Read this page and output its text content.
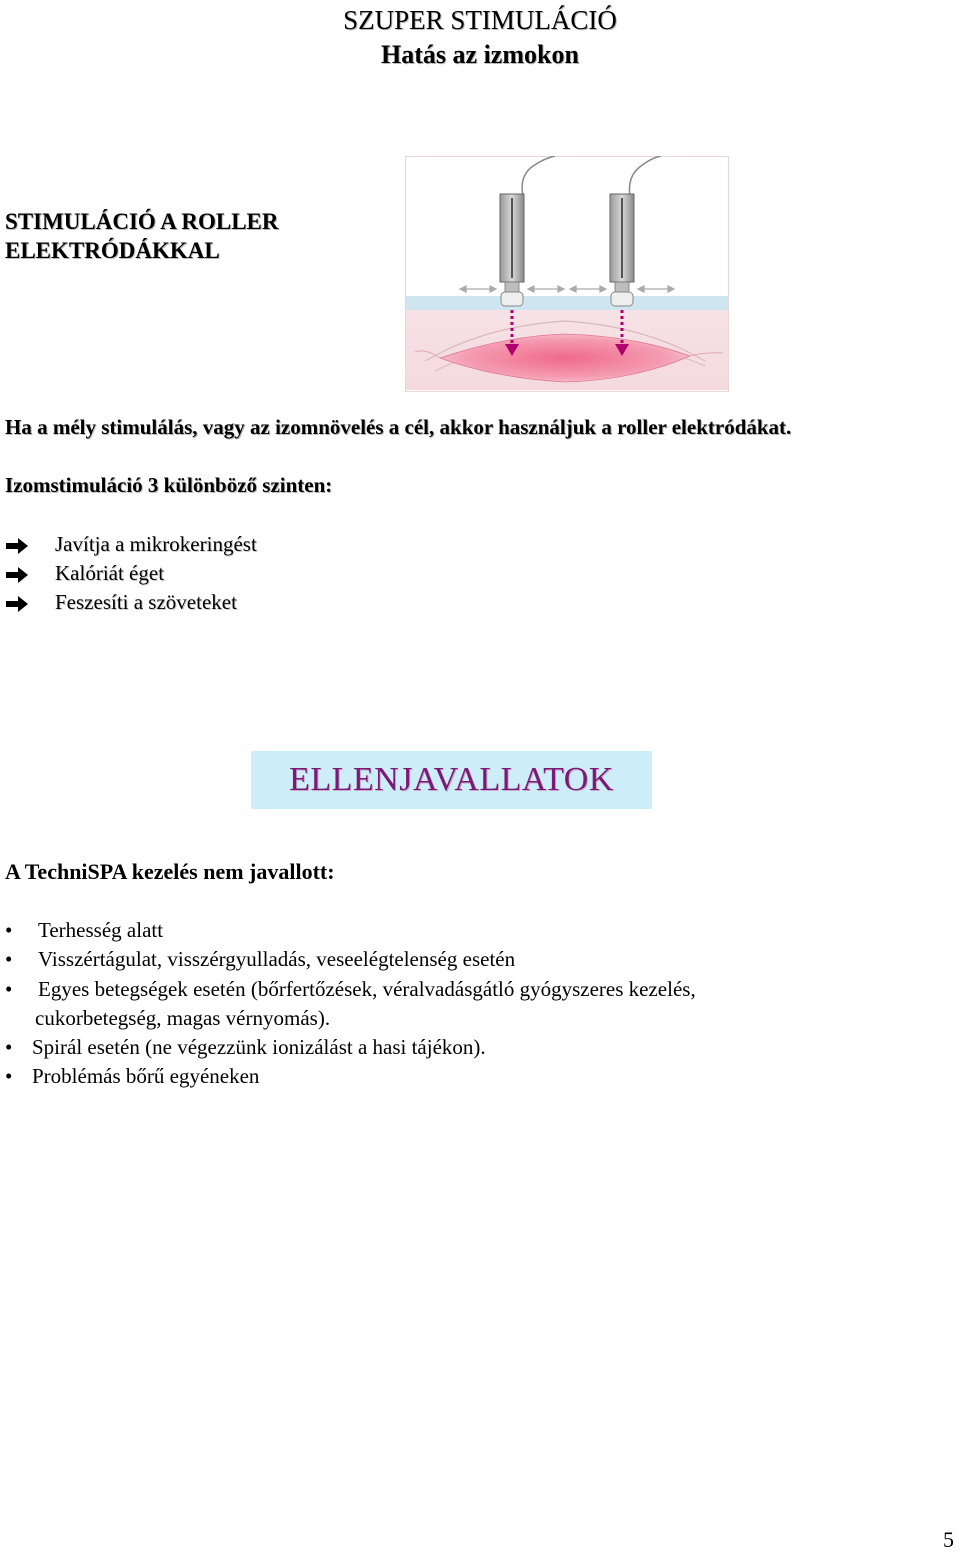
SZUPER STIMULÁCIÓ
Hatás az izmokon
STIMULÁCIÓ A ROLLER
ELEKTRÓDÁKKAL
Ha a mély stimulálás, vagy az izomnövelés a cél, akkor használjuk a roller elektródákat.
Izomstimuláció 3 különböző szinten:
Javítja a mikrokeringést
Kalóriát éget
Feszesíti a szöveteket
ELLENJAVALLATOK
A TechniSPA kezelés nem javallott:
• Terhesség alatt
• Visszértágulat, visszérgyulladás, veseelégtelenség esetén
• Egyes betegségek esetén (bőrfertőzések, véralvadásgátló gyógyszeres kezelés,
cukorbetegség, magas vérnyomás).
• Spirál esetén (ne végezzünk ionizálást a hasi tájékon).
• Problémás bőrű egyéneken
5
